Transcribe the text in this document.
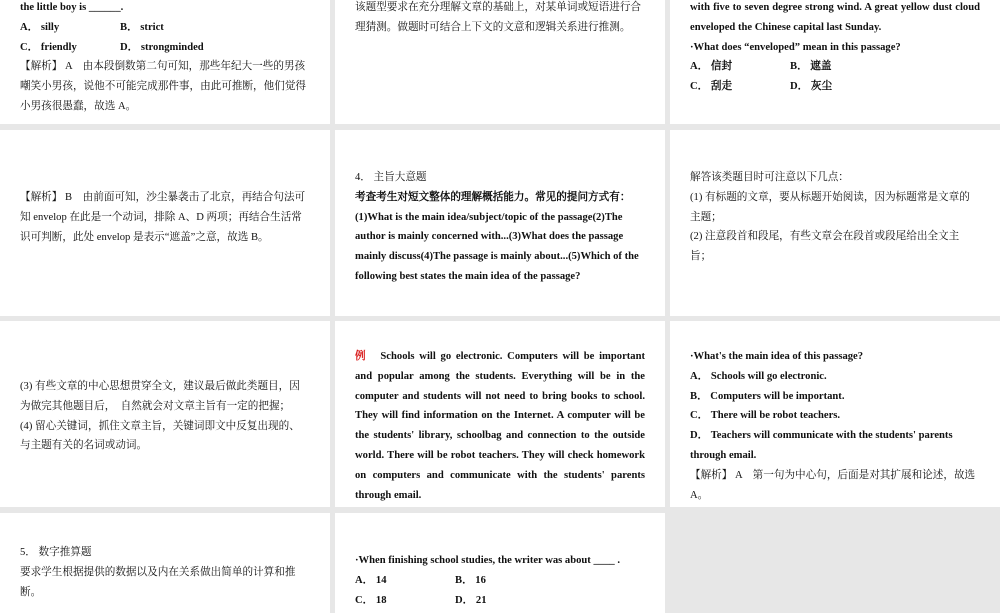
the little boy is ______.

A． silly	B． strict
C． friendly	D． strongminded

【解析】 A　由本段倒数第二句可知，那些年纪大一些的男孩嘲笑小男孩，说他不可能完成那件事，由此可推断，他们觉得小男孩很愚蠢，故选 A。

该题型要求在充分理解文章的基础上，对某单词或短语进行合理猜测。做题时可结合上下文的文意和逻辑关系进行推测。

with five to seven degree strong wind. A great yellow dust cloud enveloped the Chinese capital last Sunday.

·What does “enveloped” mean in this passage?

A． 信封	B． 遮盖
C． 刮走	D． 灰尘

【解析】 B　由前面可知，沙尘暴袭击了北京，再结合句法可知 envelop 在此是一个动词，排除 A、D 两项；再结合生活常识可判断，此处 envelop 是表示“遮盖”之意，故选 B。

4． 主旨大意题

考查考生对短文整体的理解概括能力。常见的提问方式有：(1)What is the main idea/subject/topic of the passage(2)The author is mainly concerned with...(3)What does the passage mainly discuss(4)The passage is mainly about...(5)Which of the following best states the main idea of the passage?

解答该类题目时可注意以下几点：

(1) 有标题的文章，要从标题开始阅读，因为标题常是文章的主题；

(2) 注意段首和段尾，有些文章会在段首或段尾给出全文主旨；

(3) 有些文章的中心思想贯穿全文，建议最后做此类题目，因为做完其他题目后，　自然就会对文章主旨有一定的把握；

(4) 留心关键词，抓住文章主旨，关键词即文中反复出现的、与主题有关的名词或动词。

例　 Schools will go electronic. Computers will be important and popular among the students. Everything will be in the computer and students will not need to bring books to school. They will find information on the Internet. A computer will be the students' library, schoolbag and connection to the outside world. There will be robot teachers. They will check homework on computers and communicate with the students' parents through email.

·What's the main idea of this passage?

A． Schools will go electronic.

B． Computers will be important.

C． There will be robot teachers.

D． Teachers will communicate with the students' parents through email.

【解析】 A　第一句为中心句，后面是对其扩展和论述，故选 A。

5． 数字推算题

要求学生根据提供的数据以及内在关系做出简单的计算和推断。

·When finishing school studies, the writer was about ____ .

A． 14	B． 16
C． 18	D． 21
